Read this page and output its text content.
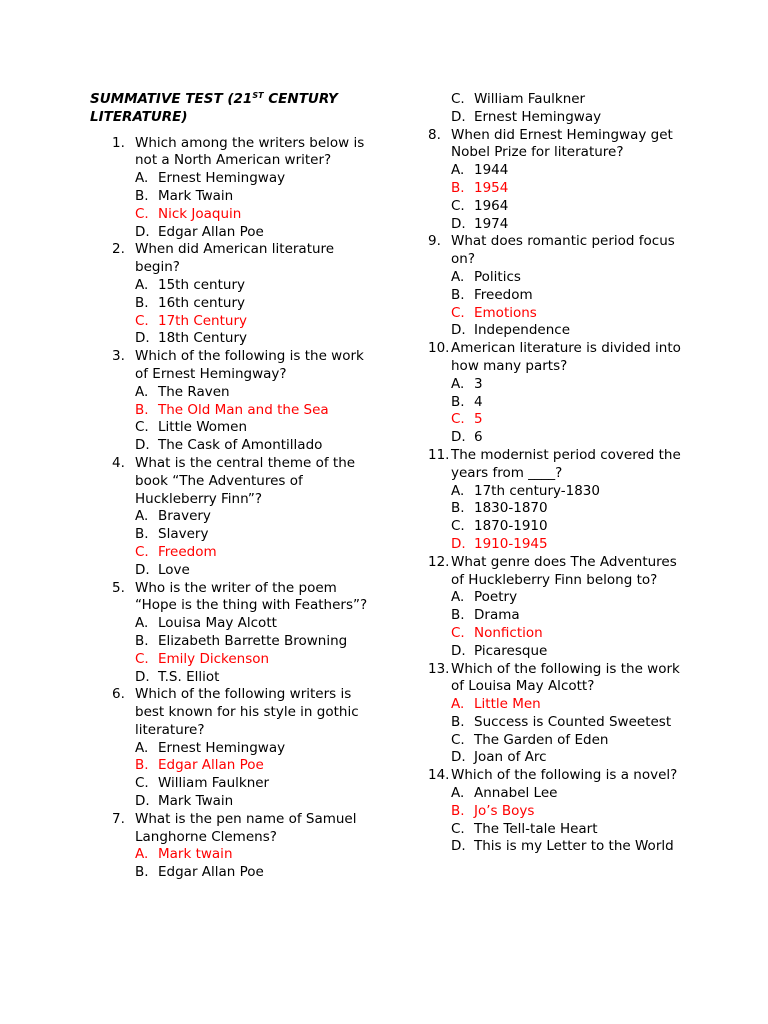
SUMMATIVE TEST (21ST CENTURY LITERATURE)
1. Which among the writers below is not a North American writer?
A. Ernest Hemingway
B. Mark Twain
C. Nick Joaquin
D. Edgar Allan Poe
2. When did American literature begin?
A. 15th century
B. 16th century
C. 17th Century
D. 18th Century
3. Which of the following is the work of Ernest Hemingway?
A. The Raven
B. The Old Man and the Sea
C. Little Women
D. The Cask of Amontillado
4. What is the central theme of the book “The Adventures of Huckleberry Finn”?
A. Bravery
B. Slavery
C. Freedom
D. Love
5. Who is the writer of the poem “Hope is the thing with Feathers”?
A. Louisa May Alcott
B. Elizabeth Barrette Browning
C. Emily Dickenson
D. T.S. Elliot
6. Which of the following writers is best known for his style in gothic literature?
A. Ernest Hemingway
B. Edgar Allan Poe
C. William Faulkner
D. Mark Twain
7. What is the pen name of Samuel Langhorne Clemens?
A. Mark twain
B. Edgar Allan Poe
C. William Faulkner
D. Ernest Hemingway
8. When did Ernest Hemingway get Nobel Prize for literature?
A. 1944
B. 1954
C. 1964
D. 1974
9. What does romantic period focus on?
A. Politics
B. Freedom
C. Emotions
D. Independence
10. American literature is divided into how many parts?
A. 3
B. 4
C. 5
D. 6
11. The modernist period covered the years from ____?
A. 17th century-1830
B. 1830-1870
C. 1870-1910
D. 1910-1945
12. What genre does The Adventures of Huckleberry Finn belong to?
A. Poetry
B. Drama
C. Nonfiction
D. Picaresque
13. Which of the following is the work of Louisa May Alcott?
A. Little Men
B. Success is Counted Sweetest
C. The Garden of Eden
D. Joan of Arc
14. Which of the following is a novel?
A. Annabel Lee
B. Jo’s Boys
C. The Tell-tale Heart
D. This is my Letter to the World
